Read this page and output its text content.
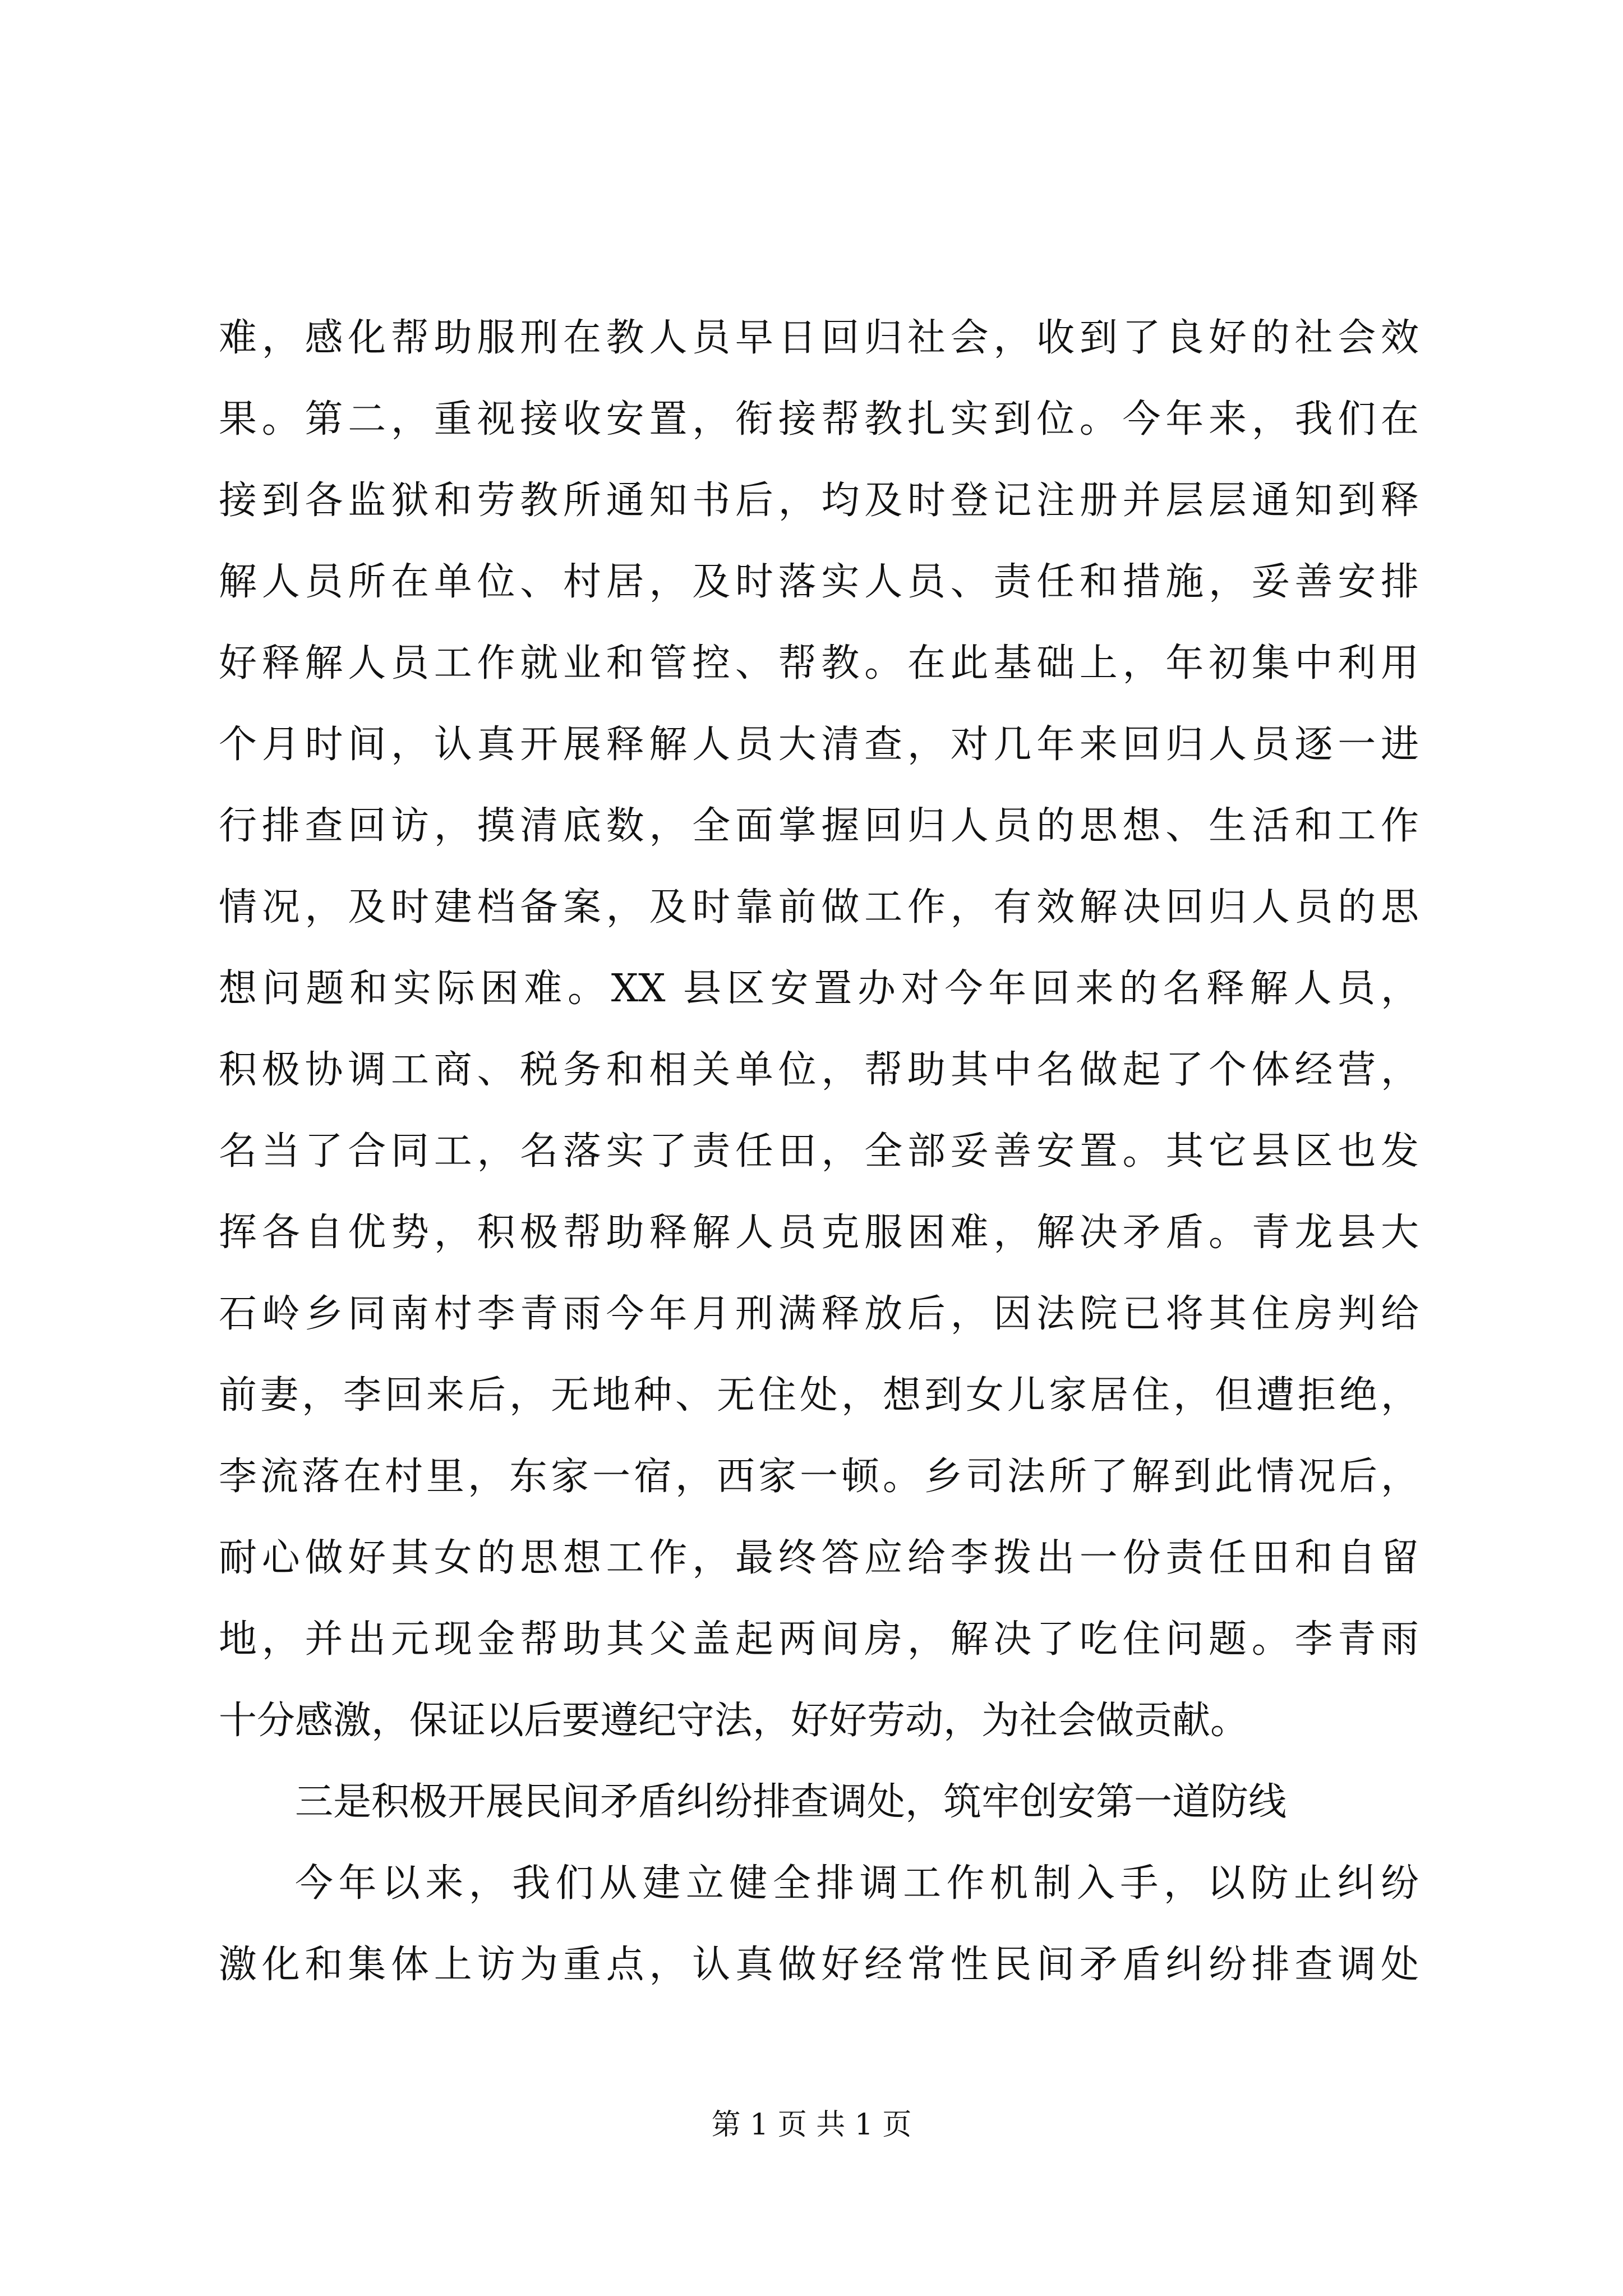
难，感化帮助服刑在教人员早日回归社会，收到了良好的社会效
果。第二，重视接收安置，衔接帮教扎实到位。今年来，我们在
接到各监狱和劳教所通知书后，均及时登记注册并层层通知到释
解人员所在单位、村居，及时落实人员、责任和措施，妥善安排
好释解人员工作就业和管控、帮教。在此基础上，年初集中利用
个月时间，认真开展释解人员大清查，对几年来回归人员逐一进
行排查回访，摸清底数，全面掌握回归人员的思想、生活和工作
情况，及时建档备案，及时靠前做工作，有效解决回归人员的思
想问题和实际困难。XX 县区安置办对今年回来的名释解人员，
积极协调工商、税务和相关单位，帮助其中名做起了个体经营，
名当了合同工，名落实了责任田，全部妥善安置。其它县区也发
挥各自优势，积极帮助释解人员克服困难，解决矛盾。青龙县大
石岭乡同南村李青雨今年月刑满释放后，因法院已将其住房判给
前妻，李回来后，无地种、无住处，想到女儿家居住，但遭拒绝，
李流落在村里，东家一宿，西家一顿。乡司法所了解到此情况后，
耐心做好其女的思想工作，最终答应给李拨出一份责任田和自留
地，并出元现金帮助其父盖起两间房，解决了吃住问题。李青雨
十分感激，保证以后要遵纪守法，好好劳动，为社会做贡献。
三是积极开展民间矛盾纠纷排查调处，筑牢创安第一道防线
今年以来，我们从建立健全排调工作机制入手，以防止纠纷
激化和集体上访为重点，认真做好经常性民间矛盾纠纷排查调处
第 1 页 共 1 页
